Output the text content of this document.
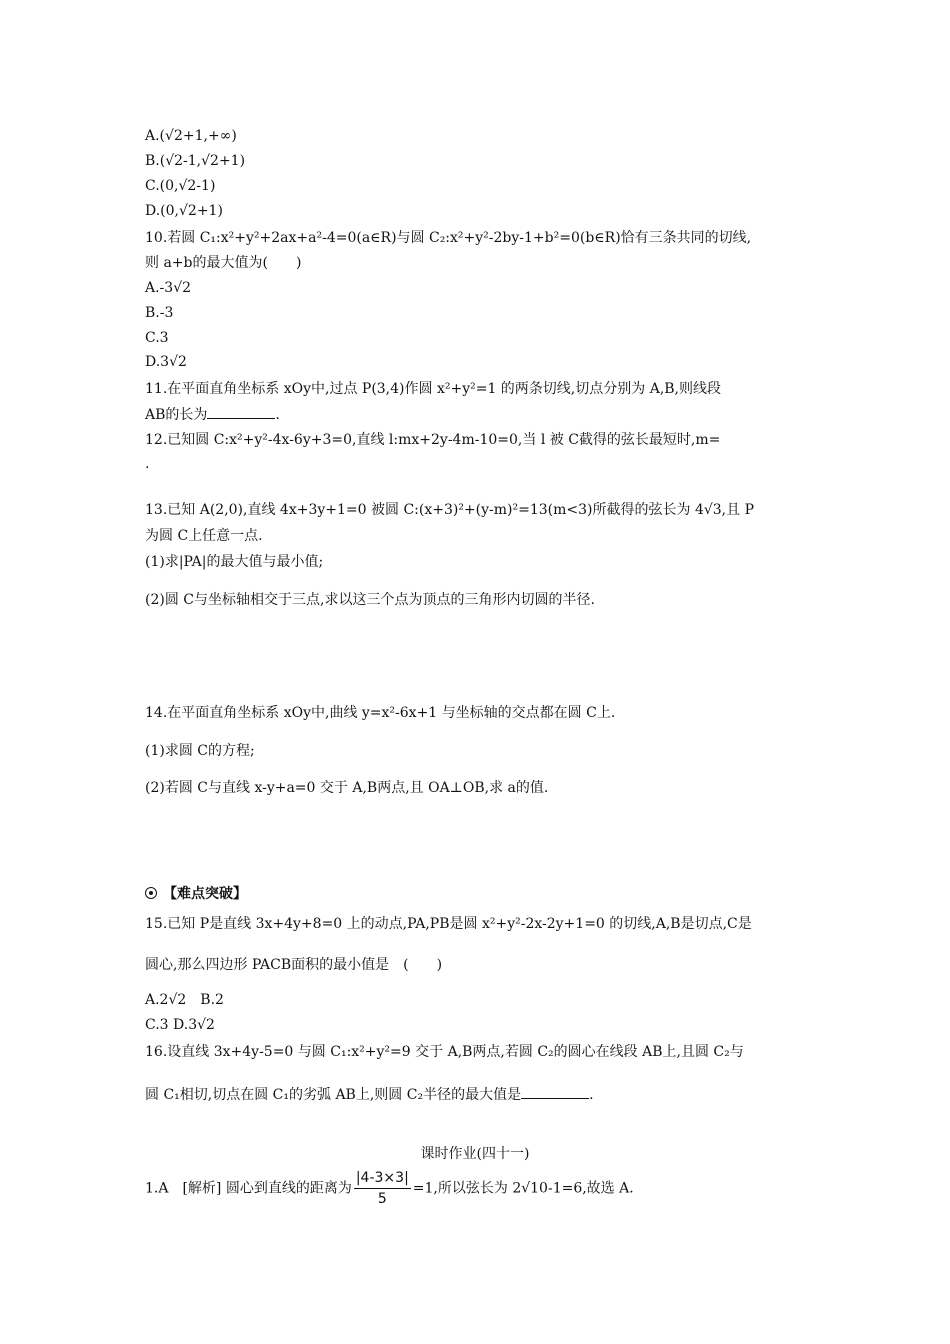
A.(√2+1,+∞)
B.(√2-1,√2+1)
C.(0,√2-1)
D.(0,√2+1)
10.若圆 C₁:x²+y²+2ax+a²-4=0(a∈R)与圆 C₂:x²+y²-2by-1+b²=0(b∈R)恰有三条共同的切线,
则 a+b的最大值为(　　)
A.-3√2
B.-3
C.3
D.3√2
11.在平面直角坐标系 xOy中,过点 P(3,4)作圆 x²+y²=1 的两条切线,切点分别为 A,B,则线段
AB的长为	.
12.已知圆 C:x²+y²-4x-6y+3=0,直线 l:mx+2y-4m-10=0,当 l 被 C截得的弦长最短时,m=
.
13.已知 A(2,0),直线 4x+3y+1=0 被圆 C:(x+3)²+(y-m)²=13(m<3)所截得的弦长为 4√3,且 P
为圆 C上任意一点.
(1)求|PA|的最大值与最小值;
(2)圆 C与坐标轴相交于三点,求以这三个点为顶点的三角形内切圆的半径.
14.在平面直角坐标系 xOy中,曲线 y=x²-6x+1 与坐标轴的交点都在圆 C上.
(1)求圆 C的方程;
(2)若圆 C与直线 x-y+a=0 交于 A,B两点,且 OA⊥OB,求 a的值.
【难点突破】
15.已知 P是直线 3x+4y+8=0 上的动点,PA,PB是圆 x²+y²-2x-2y+1=0 的切线,A,B是切点,C是
圆心,那么四边形 PACB面积的最小值是　(　　)
A.2√2　B.2
C.3 D.3√2
16.设直线 3x+4y-5=0 与圆 C₁:x²+y²=9 交于 A,B两点,若圆 C₂的圆心在线段 AB上,且圆 C₂与
圆 C₁相切,切点在圆 C₁的劣弧 AB上,则圆 C₂半径的最大值是	.
课时作业(四十一)
1.A　[解析] 圆心到直线的距离为 $\frac{|4-3\times 3|}{5} =1$,所以弦长为 2√10-1=6,故选 A.
